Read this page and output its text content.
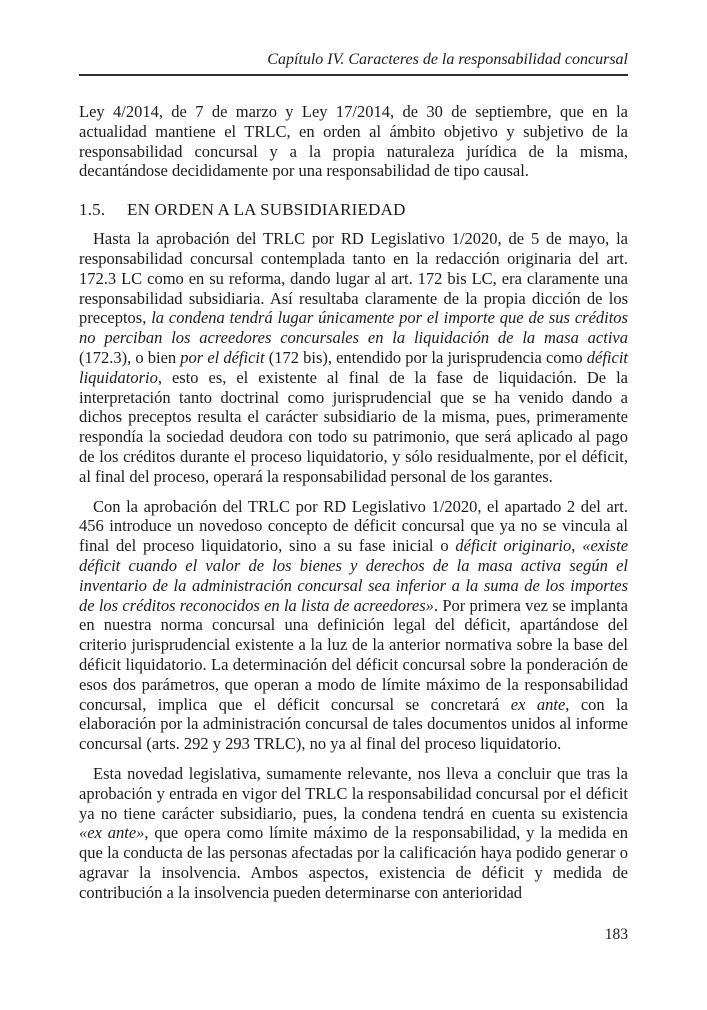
Capítulo IV. Caracteres de la responsabilidad concursal

Ley 4/2014, de 7 de marzo y Ley 17/2014, de 30 de septiembre, que en la actualidad mantiene el TRLC, en orden al ámbito objetivo y subjetivo de la responsabilidad concursal y a la propia naturaleza jurídica de la misma, decantándose decididamente por una responsabilidad de tipo causal.

1.5. EN ORDEN A LA SUBSIDIARIEDAD

Hasta la aprobación del TRLC por RD Legislativo 1/2020, de 5 de mayo, la responsabilidad concursal contemplada tanto en la redacción originaria del art. 172.3 LC como en su reforma, dando lugar al art. 172 bis LC, era claramente una responsabilidad subsidiaria. Así resultaba claramente de la propia dicción de los preceptos, la condena tendrá lugar únicamente por el importe que de sus créditos no perciban los acreedores concursales en la liquidación de la masa activa (172.3), o bien por el déficit (172 bis), entendido por la jurisprudencia como déficit liquidatorio, esto es, el existente al final de la fase de liquidación. De la interpretación tanto doctrinal como jurisprudencial que se ha venido dando a dichos preceptos resulta el carácter subsidiario de la misma, pues, primeramente respondía la sociedad deudora con todo su patrimonio, que será aplicado al pago de los créditos durante el proceso liquidatorio, y sólo residualmente, por el déficit, al final del proceso, operará la responsabilidad personal de los garantes.

Con la aprobación del TRLC por RD Legislativo 1/2020, el apartado 2 del art. 456 introduce un novedoso concepto de déficit concursal que ya no se vincula al final del proceso liquidatorio, sino a su fase inicial o déficit originario, «existe déficit cuando el valor de los bienes y derechos de la masa activa según el inventario de la administración concursal sea inferior a la suma de los importes de los créditos reconocidos en la lista de acreedores». Por primera vez se implanta en nuestra norma concursal una definición legal del déficit, apartándose del criterio jurisprudencial existente a la luz de la anterior normativa sobre la base del déficit liquidatorio. La determinación del déficit concursal sobre la ponderación de esos dos parámetros, que operan a modo de límite máximo de la responsabilidad concursal, implica que el déficit concursal se concretará ex ante, con la elaboración por la administración concursal de tales documentos unidos al informe concursal (arts. 292 y 293 TRLC), no ya al final del proceso liquidatorio.

Esta novedad legislativa, sumamente relevante, nos lleva a concluir que tras la aprobación y entrada en vigor del TRLC la responsabilidad concursal por el déficit ya no tiene carácter subsidiario, pues, la condena tendrá en cuenta su existencia «ex ante», que opera como límite máximo de la responsabilidad, y la medida en que la conducta de las personas afectadas por la calificación haya podido generar o agravar la insolvencia. Ambos aspectos, existencia de déficit y medida de contribución a la insolvencia pueden determinarse con anterioridad

183
